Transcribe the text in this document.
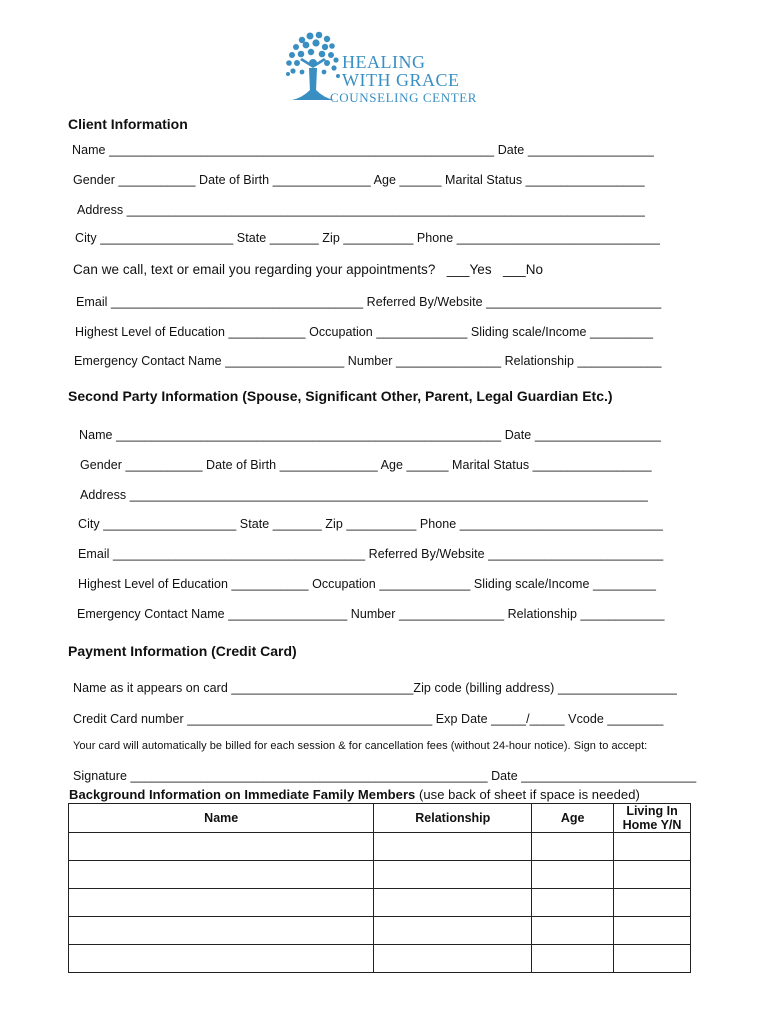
HEALING
WITH GRACE
COUNSELING CENTER
Client Information
Name _______________________________________________________ Date __________________
Gender ___________ Date of Birth ______________ Age ______ Marital Status _________________
Address __________________________________________________________________________
City ___________________ State _______ Zip __________ Phone _____________________________
Can we call, text or email you regarding your appointments?   ___Yes   ___No
Email ____________________________________ Referred By/Website _________________________
Highest Level of Education ___________ Occupation _____________ Sliding scale/Income _________
Emergency Contact Name _________________ Number _______________ Relationship ____________
Second Party Information (Spouse, Significant Other, Parent, Legal Guardian Etc.)
Name _______________________________________________________ Date __________________
Gender ___________ Date of Birth ______________ Age ______ Marital Status _________________
Address __________________________________________________________________________
City ___________________ State _______ Zip __________ Phone _____________________________
Email ____________________________________ Referred By/Website _________________________
Highest Level of Education ___________ Occupation _____________ Sliding scale/Income _________
Emergency Contact Name _________________ Number _______________ Relationship ____________
Payment Information (Credit Card)
Name as it appears on card __________________________Zip code (billing address) _________________
Credit Card number ___________________________________ Exp Date _____/_____ Vcode ________
Your card will automatically be billed for each session & for cancellation fees (without 24-hour notice). Sign to accept:
Signature ___________________________________________________ Date _________________________
Background Information on Immediate Family Members (use back of sheet if space is needed)
Name	Relationship	Age	Living In Home Y/N
